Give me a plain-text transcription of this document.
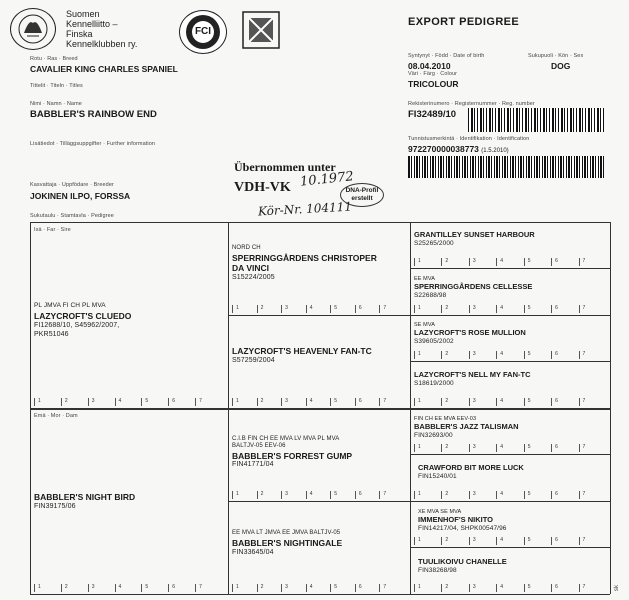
Suomen
Kennelliitto –
Finska
Kennelklubben ry.
FCI
EXPORT PEDIGREE
Rotu · Ras · Breed
CAVALIER KING CHARLES SPANIEL
Syntynyt · Född · Date of birth	Sukupuoli · Kön · Sex
08.04.2010	DOG
Väri · Färg · Colour
TRICOLOUR
Tittelit · Titeln · Titles
Nimi · Namn · Name
BABBLER'S RAINBOW END
Rekisterinumero · Registernummer · Reg. number
FI32489/10
Tunnistusmerkintä · Identifikation · Identification
972270000038773 (1.5.2010)
Lisätiedot · Tilläggsuppgifter · Further information
Übernommen unter
VDH-VK 10.1972
DNA-Profil erstellt
Kör-Nr. 104111
Kasvattaja · Uppfödare · Breeder
JOKINEN ILPO, FORSSA
Sukutaulu · Stamtavla · Pedigree
Isä · Far · Sire
PL JMVA FI CH PL MVA
LAZYCROFT'S CLUEDO
FI12688/10, S45962/2007,
PKR51046
Emä · Mor · Dam
BABBLER'S NIGHT BIRD
FIN39175/06
NORD CH
SPERRINGGÅRDENS CHRISTOPER
DA VINCI
S15224/2005
LAZYCROFT'S HEAVENLY FAN-TC
S57259/2004
C.I.B FIN CH EE MVA LV MVA PL MVA
BALTJV-05 EEV-06
BABBLER'S FORREST GUMP
FIN41771/04
EE MVA LT JMVA EE JMVA BALTJV-05
BABBLER'S NIGHTINGALE
FIN33645/04
GRANTILLEY SUNSET HARBOUR
S25265/2000
EE MVA
SPERRINGGÅRDENS CELLESSE
S22688/98
SE MVA
LAZYCROFT'S ROSE MULLION
S39605/2002
LAZYCROFT'S NELL MY FAN-TC
S18619/2000
FIN CH EE MVA EEV-03
BABBLER'S JAZZ TALISMAN
FIN32693/00
CRAWFORD BIT MORE LUCK
FIN15240/01
XE MVA SE MVA
IMMENHOF'S NIKITO
FIN14217/04, SHPK00547/96
TUULIKOIVU CHANELLE
FIN38268/98
1	2	3	4	5	6	7
1	2	3	4	5	6	7
1	2	3	4	5	6	7
1	2	3	4	5	6	7
1	2	3	4	5	6	7
1	2	3	4	5	6	7
1	2	3	4	5	6	7
1	2	3	4	5	6	7
1	2	3	4	5	6	7
1	2	3	4	5	6	7
1	2	3	4	5	6	7
1	2	3	4	5	6	7
1	2	3	4	5	6	7
1	2	3	4	5	6	7	sk
